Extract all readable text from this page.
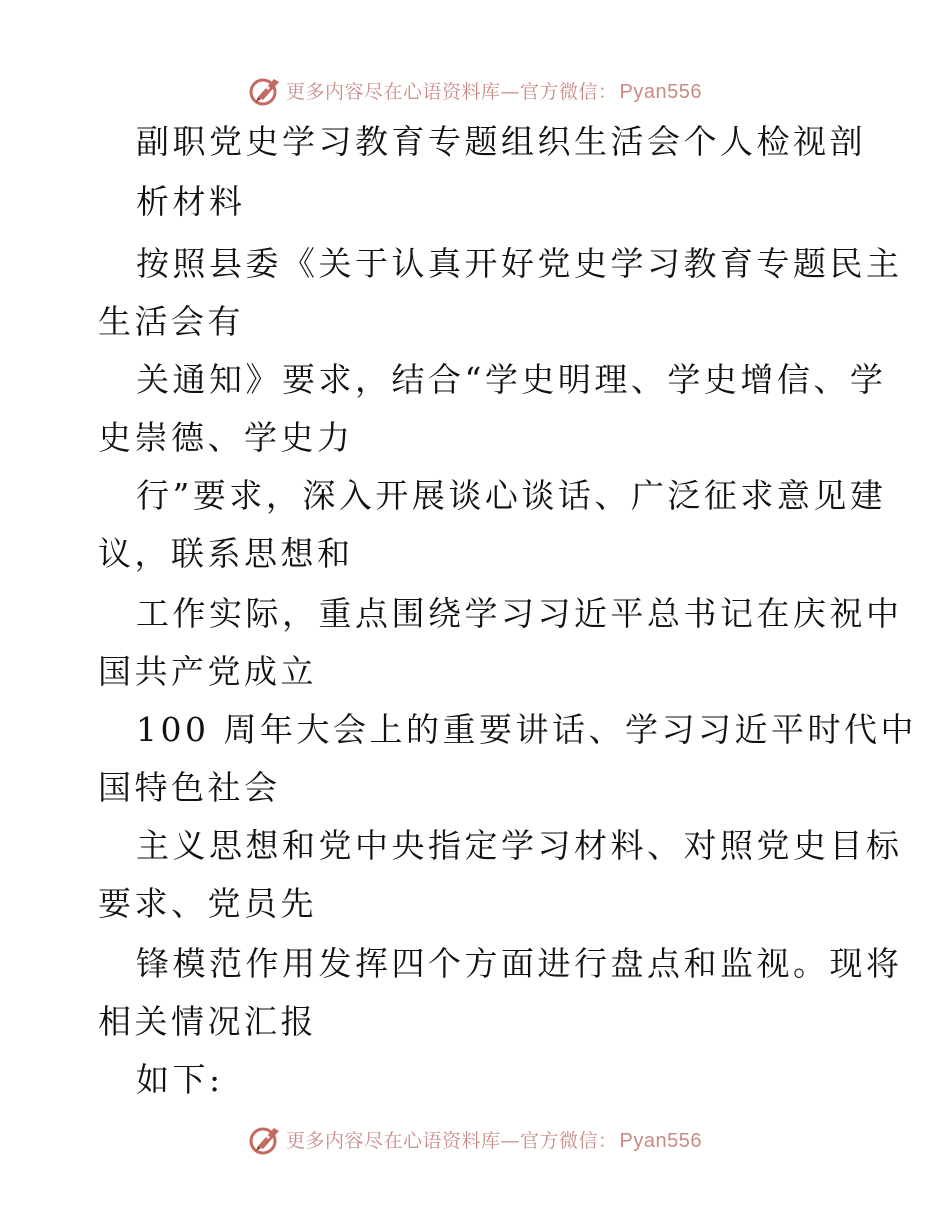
更多内容尽在心语资料库—官方微信： Pyan556
副职党史学习教育专题组织生活会个人检视剖
析材料
按照县委《关于认真开好党史学习教育专题民主
生活会有
关通知》要求，结合“学史明理、学史增信、学
史崇德、学史力
行”要求，深入开展谈心谈话、广泛征求意见建
议，联系思想和
工作实际，重点围绕学习习近平总书记在庆祝中
国共产党成立
100 周年大会上的重要讲话、学习习近平时代中
国特色社会
主义思想和党中央指定学习材料、对照党史目标
要求、党员先
锋模范作用发挥四个方面进行盘点和监视。现将
相关情况汇报
如下:
更多内容尽在心语资料库—官方微信： Pyan556
